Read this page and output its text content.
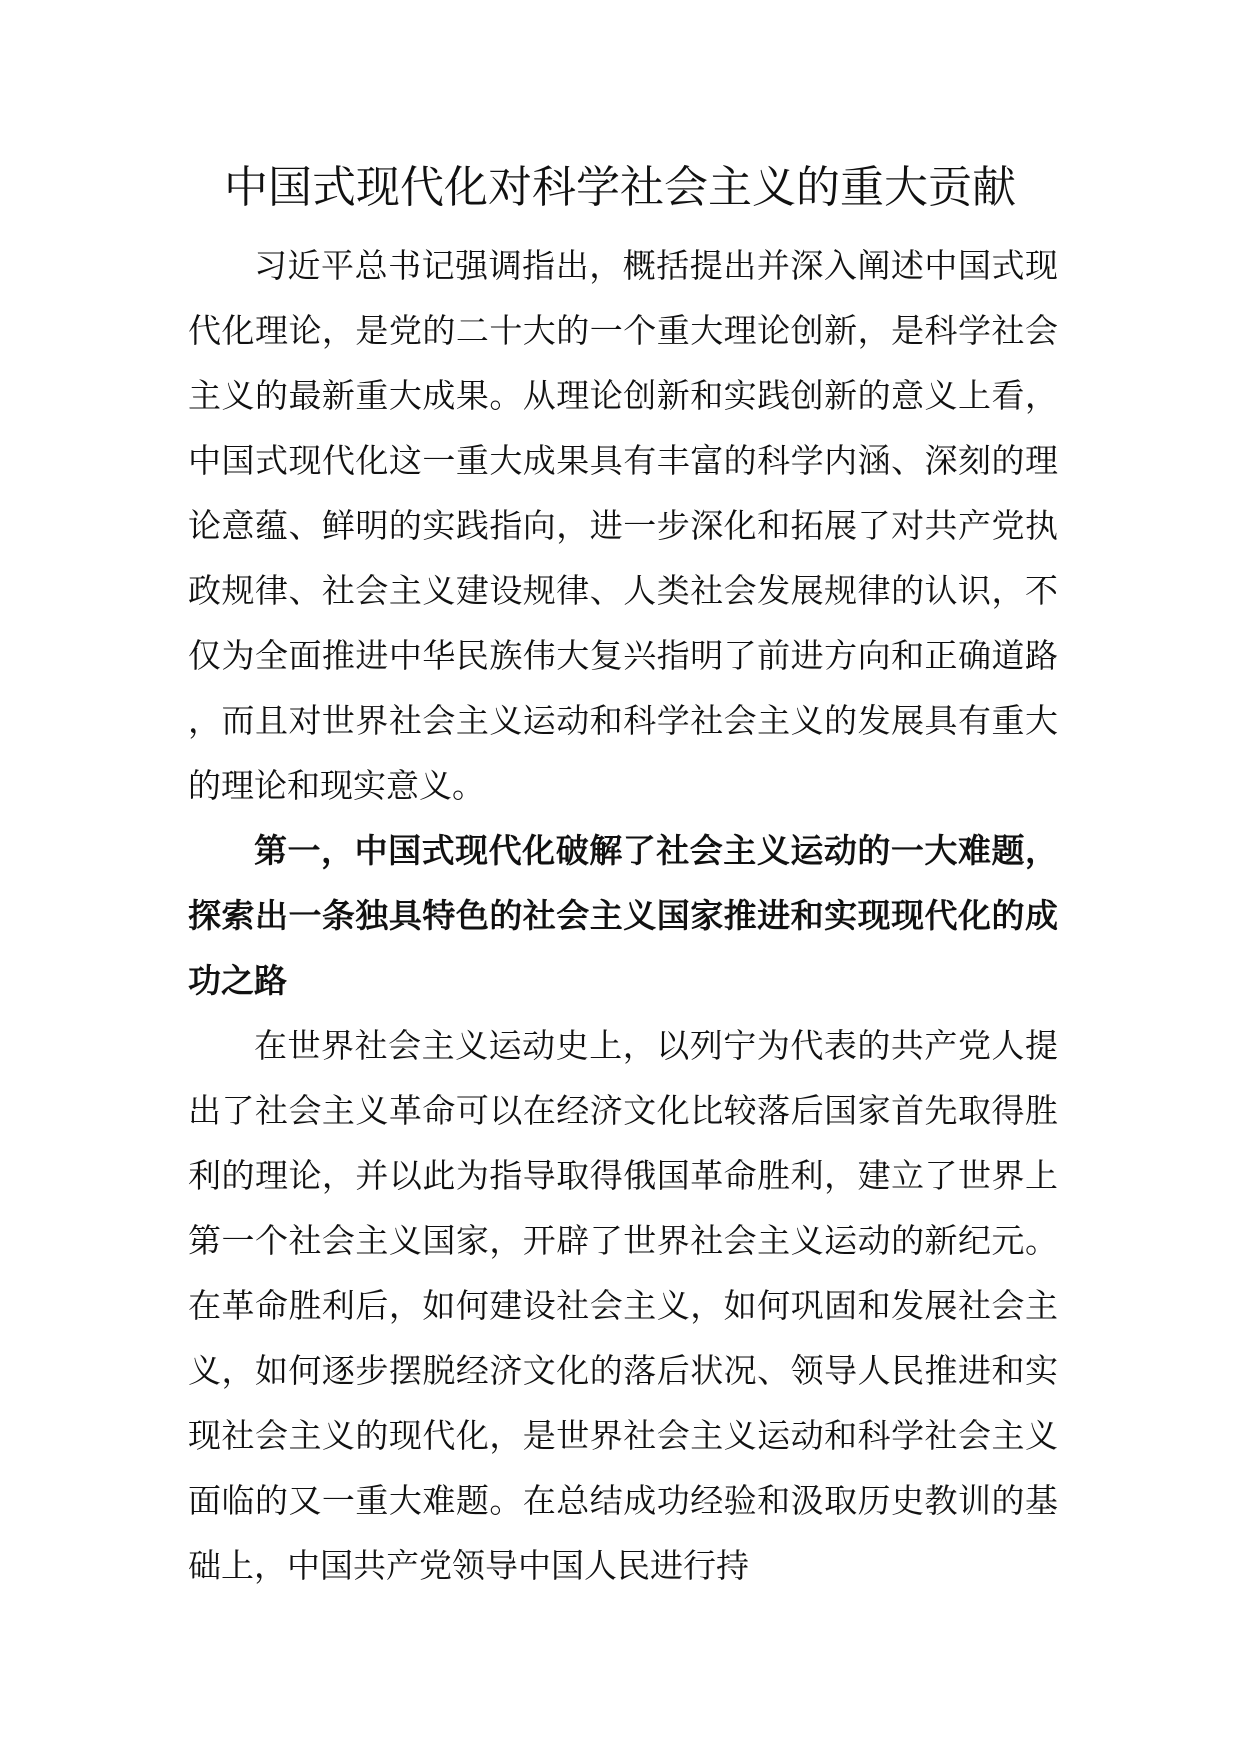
中国式现代化对科学社会主义的重大贡献

习近平总书记强调指出，概括提出并深入阐述中国式现代化理论，是党的二十大的一个重大理论创新，是科学社会主义的最新重大成果。从理论创新和实践创新的意义上看，中国式现代化这一重大成果具有丰富的科学内涵、深刻的理论意蕴、鲜明的实践指向，进一步深化和拓展了对共产党执政规律、社会主义建设规律、人类社会发展规律的认识，不仅为全面推进中华民族伟大复兴指明了前进方向和正确道路，而且对世界社会主义运动和科学社会主义的发展具有重大的理论和现实意义。

第一，中国式现代化破解了社会主义运动的一大难题，探索出一条独具特色的社会主义国家推进和实现现代化的成功之路

在世界社会主义运动史上，以列宁为代表的共产党人提出了社会主义革命可以在经济文化比较落后国家首先取得胜利的理论，并以此为指导取得俄国革命胜利，建立了世界上第一个社会主义国家，开辟了世界社会主义运动的新纪元。在革命胜利后，如何建设社会主义，如何巩固和发展社会主义，如何逐步摆脱经济文化的落后状况、领导人民推进和实现社会主义的现代化，是世界社会主义运动和科学社会主义面临的又一重大难题。在总结成功经验和汲取历史教训的基础上，中国共产党领导中国人民进行持
